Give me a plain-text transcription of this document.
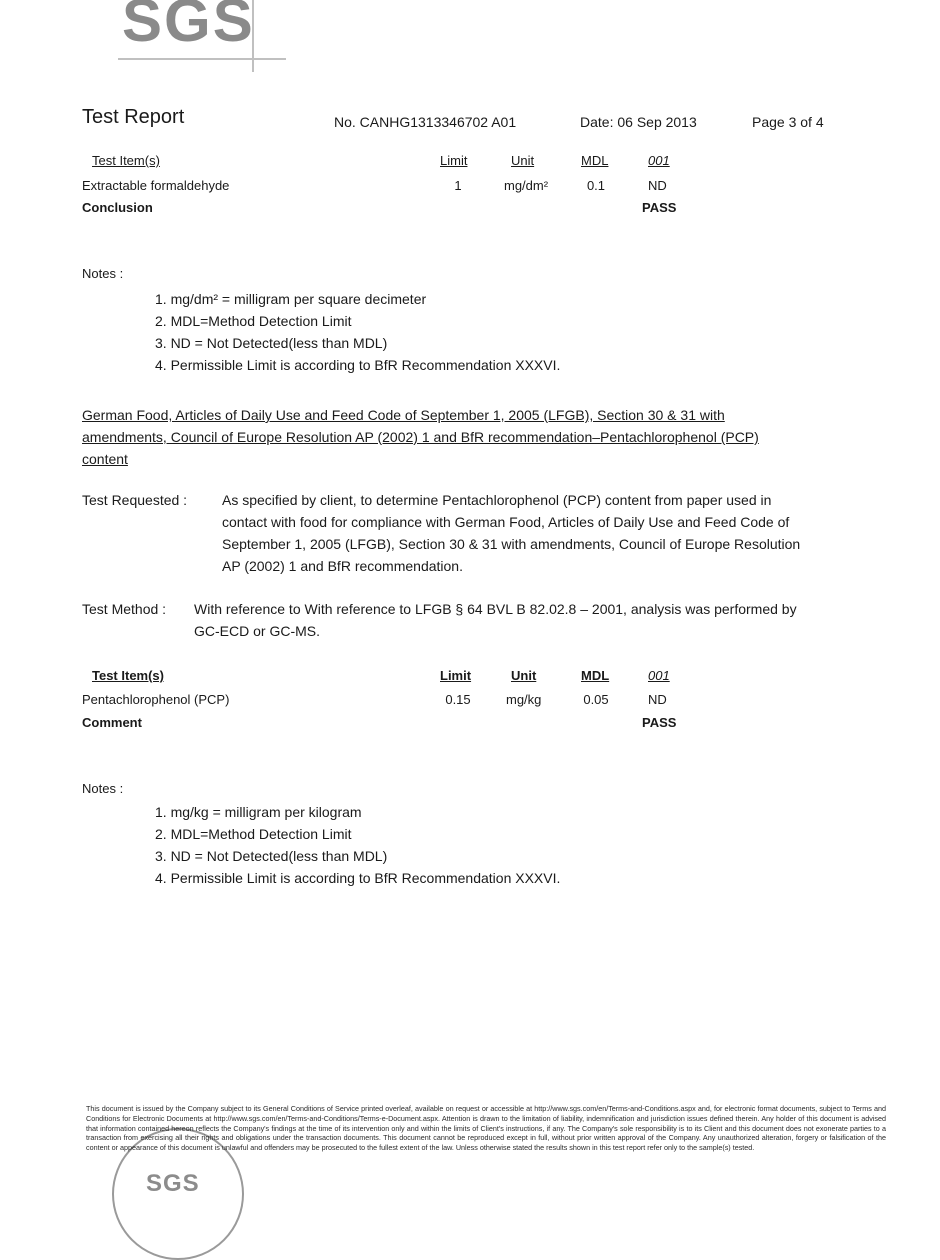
SGS
Test Report	No. CANHG1313346702 A01	Date: 06 Sep 2013	Page 3 of 4
Test Item(s)	Limit	Unit	MDL	001
Extractable formaldehyde	1	mg/dm²	0.1	ND
Conclusion	PASS
Notes :
1. mg/dm² = milligram per square decimeter
2. MDL=Method Detection Limit
3. ND = Not Detected(less than MDL)
4. Permissible Limit is according to BfR Recommendation XXXVI.
German Food, Articles of Daily Use and Feed Code of September 1, 2005 (LFGB), Section 30 & 31 with
amendments, Council of Europe Resolution AP (2002) 1 and BfR recommendation–Pentachlorophenol (PCP)
content
Test Requested : As specified by client, to determine Pentachlorophenol (PCP) content from paper used in
contact with food for compliance with German Food, Articles of Daily Use and Feed Code of
September 1, 2005 (LFGB), Section 30 & 31 with amendments, Council of Europe Resolution
AP (2002) 1 and BfR recommendation.
Test Method : With reference to With reference to LFGB § 64 BVL B 82.02.8 – 2001, analysis was performed by
GC-ECD or GC-MS.
Test Item(s)	Limit	Unit	MDL	001
Pentachlorophenol (PCP)	0.15	mg/kg	0.05	ND
Comment	PASS
Notes :
1. mg/kg = milligram per kilogram
2. MDL=Method Detection Limit
3. ND = Not Detected(less than MDL)
4. Permissible Limit is according to BfR Recommendation XXXVI.
SGS
This document is issued by the Company subject to its General Conditions of Service printed overleaf, available on request or accessible at http://www.sgs.com/en/Terms-and-Conditions.aspx and, for electronic format documents, subject to Terms and Conditions for Electronic Documents at http://www.sgs.com/en/Terms-and-Conditions/Terms-e-Document.aspx. Attention is drawn to the limitation of liability, indemnification and jurisdiction issues defined therein. Any holder of this document is advised that information contained hereon reflects the Company's findings at the time of its intervention only and within the limits of Client's instructions, if any. The Company's sole responsibility is to its Client and this document does not exonerate parties to a transaction from exercising all their rights and obligations under the transaction documents. This document cannot be reproduced except in full, without prior written approval of the Company. Any unauthorized alteration, forgery or falsification of the content or appearance of this document is unlawful and offenders may be prosecuted to the fullest extent of the law. Unless otherwise stated the results shown in this test report refer only to the sample(s) tested.
